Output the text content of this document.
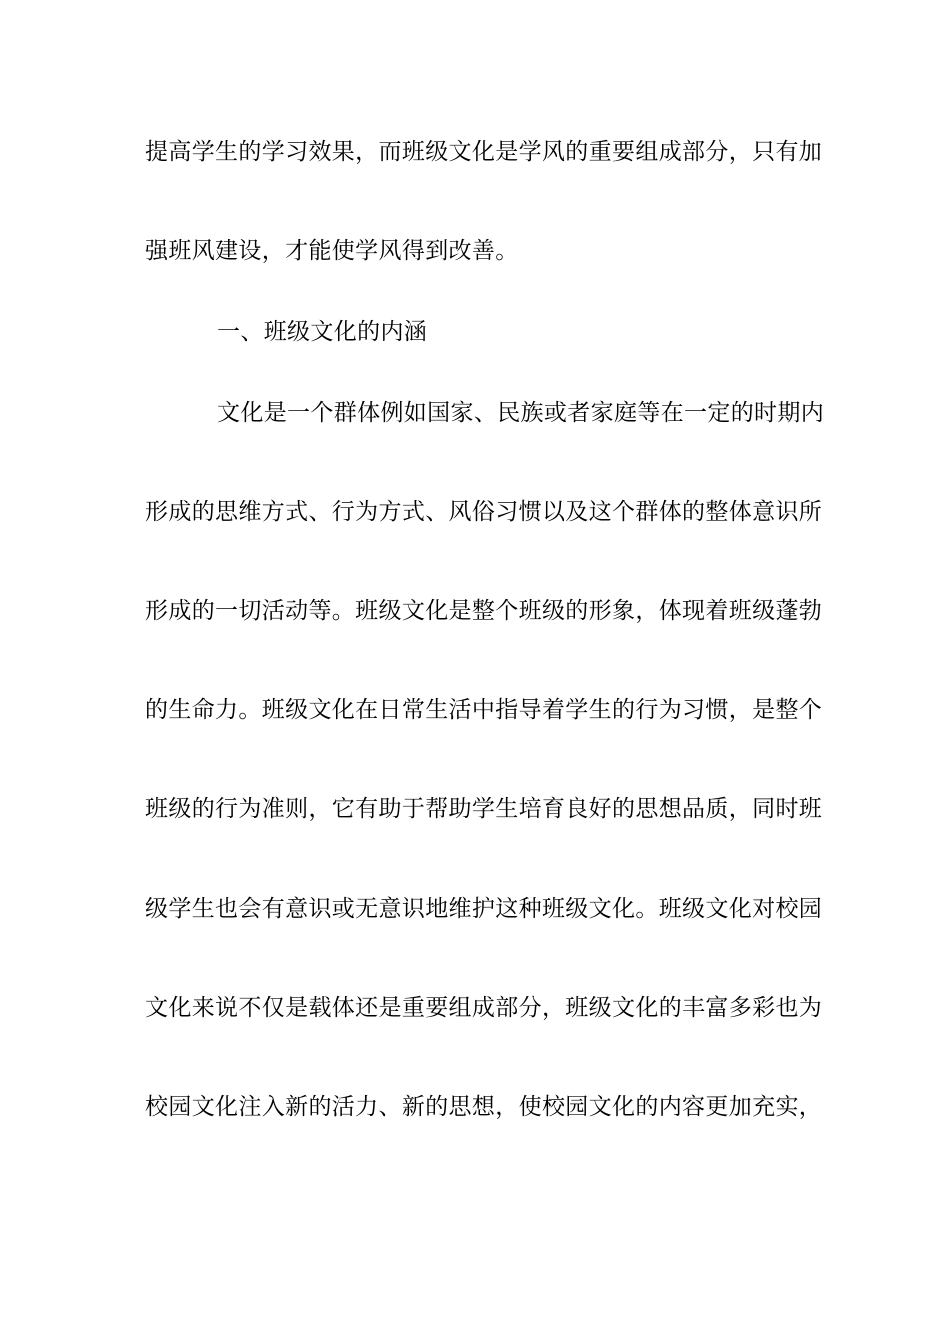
提高学生的学习效果，而班级文化是学风的重要组成部分，只有加
强班风建设，才能使学风得到改善。
一、班级文化的内涵
文化是一个群体例如国家、民族或者家庭等在一定的时期内
形成的思维方式、行为方式、风俗习惯以及这个群体的整体意识所
形成的一切活动等。班级文化是整个班级的形象，体现着班级蓬勃
的生命力。班级文化在日常生活中指导着学生的行为习惯，是整个
班级的行为准则，它有助于帮助学生培育良好的思想品质，同时班
级学生也会有意识或无意识地维护这种班级文化。班级文化对校园
文化来说不仅是载体还是重要组成部分，班级文化的丰富多彩也为
校园文化注入新的活力、新的思想，使校园文化的内容更加充实，
